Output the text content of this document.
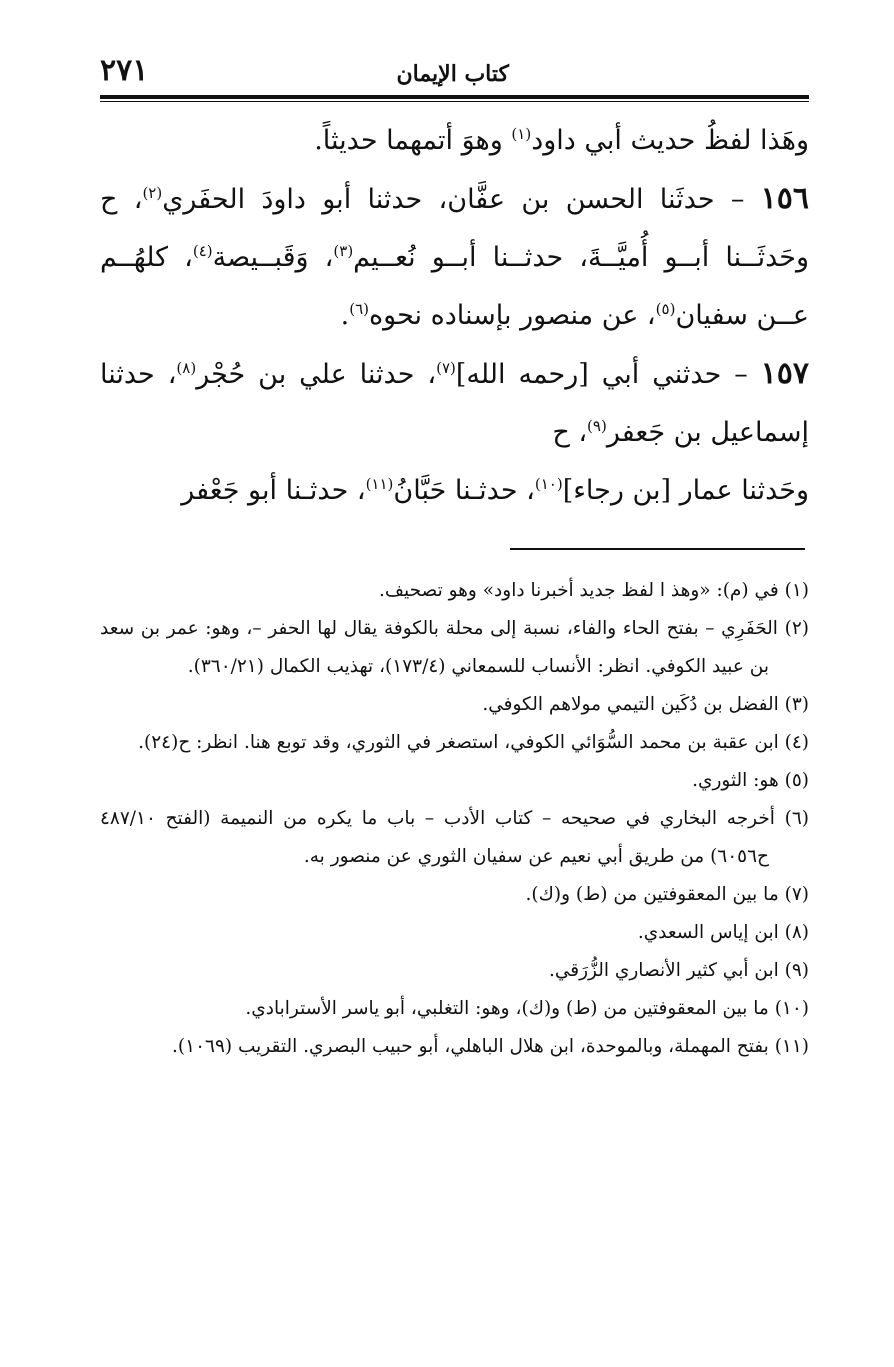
كتاب الإيمان
٢٧١

وهَذا لفظُ حديث أبي داود$^{(١)}$ وهوَ أتمهما حديثاً.

١٥٦ – حدثَنا الحسن بن عفَّان، حدثنا أبو داودَ الحفَري$^{(٢)}$، ح وحَدثَــنا أبــو أُميَّــةَ، حدثــنا أبــو نُعــيم$^{(٣)}$، وَقَبــيصة$^{(٤)}$، كلهُــم عــن سفيان$^{(٥)}$، عن منصور بإسناده نحوه$^{(٦)}$.

١٥٧ – حدثني أبي [رحمه الله]$^{(٧)}$، حدثنا علي بن حُجْر$^{(٨)}$، حدثنا إسماعيل بن جَعفر$^{(٩)}$، ح

وحَدثنا عمار [بن رجاء]$^{(١٠)}$، حدثـنا حَبَّانُ$^{(١١)}$، حدثـنا أبو جَعْفر

(١) في (م): «وهذ ا لفظ جديد أخبرنا داود» وهو تصحيف.

(٢) الحَفَرِي – بفتح الحاء والفاء، نسبة إلى محلة بالكوفة يقال لها الحفر –، وهو: عمر بن سعد بن عبيد الكوفي. انظر: الأنساب للسمعاني (١٧٣/٤)، تهذيب الكمال (٣٦٠/٢١).

(٣) الفضل بن دُكَين التيمي مولاهم الكوفي.

(٤) ابن عقبة بن محمد السُّوَائي الكوفي، استصغر في الثوري، وقد توبع هنا. انظر: ح(٢٤).

(٥) هو: الثوري.

(٦) أخرجه البخاري في صحيحه – كتاب الأدب – باب ما يكره من النميمة (الفتح ٤٨٧/١٠ ح٦٠٥٦) من طريق أبي نعيم عن سفيان الثوري عن منصور به.

(٧) ما بين المعقوفتين من (ط) و(ك).

(٨) ابن إياس السعدي.

(٩) ابن أبي كثير الأنصاري الزُّرَقي.

(١٠) ما بين المعقوفتين من (ط) و(ك)، وهو: التغلبي، أبو ياسر الأسترابادي.

(١١) بفتح المهملة، وبالموحدة، ابن هلال الباهلي، أبو حبيب البصري. التقريب (١٠٦٩).
